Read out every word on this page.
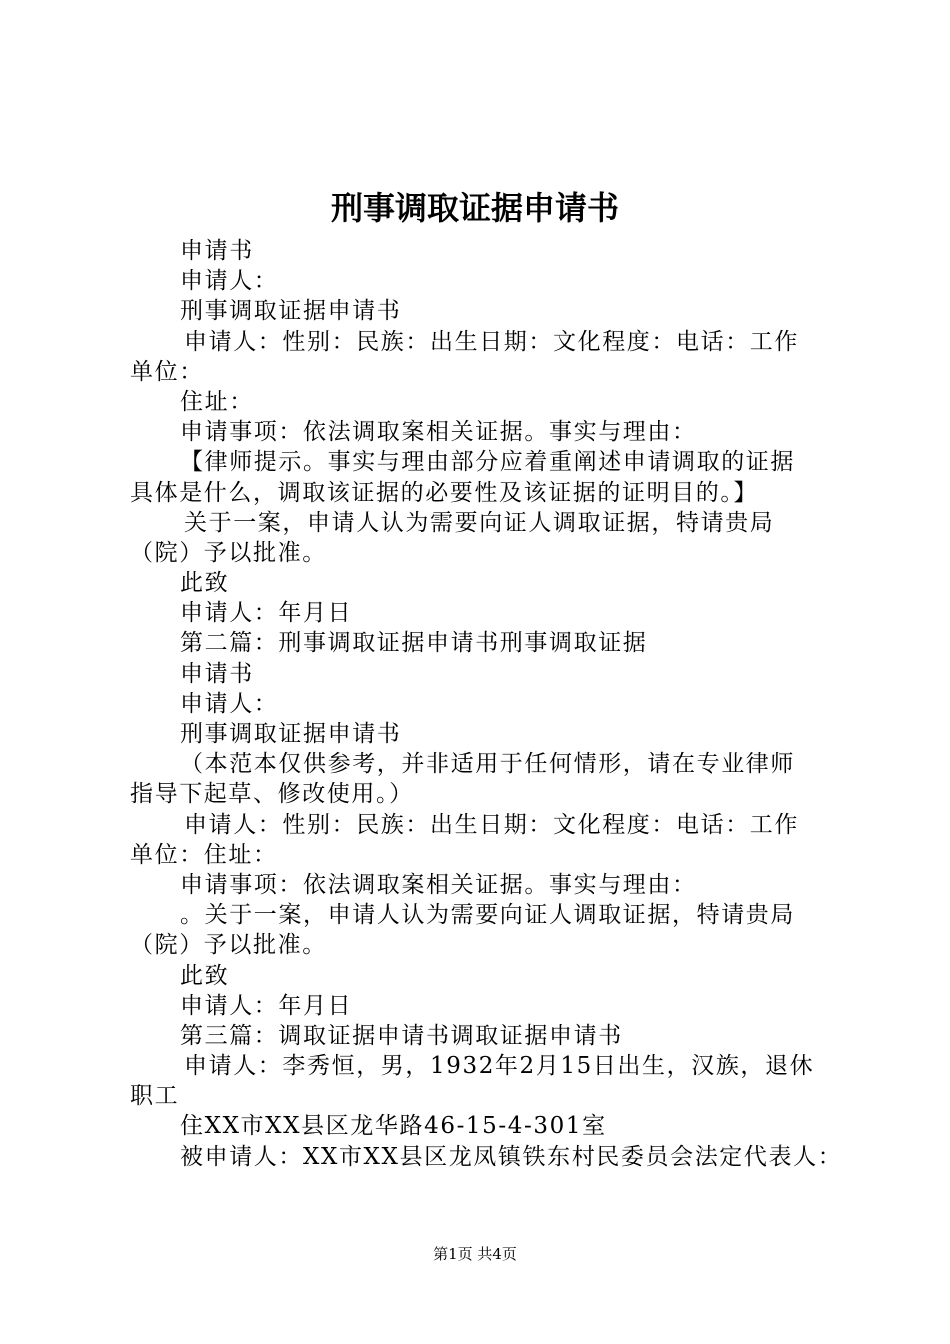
刑事调取证据申请书
申请书
申请人：
刑事调取证据申请书
申请人：性别：民族：出生日期：文化程度：电话：工作
单位：
住址：
申请事项：依法调取案相关证据。事实与理由：
【律师提示。事实与理由部分应着重阐述申请调取的证据
具体是什么，调取该证据的必要性及该证据的证明目的。】
关于一案，申请人认为需要向证人调取证据，特请贵局
（院）予以批准。
此致
申请人：年月日
第二篇：刑事调取证据申请书刑事调取证据
申请书
申请人：
刑事调取证据申请书
（本范本仅供参考，并非适用于任何情形，请在专业律师
指导下起草、修改使用。）
申请人：性别：民族：出生日期：文化程度：电话：工作
单位：住址：
申请事项：依法调取案相关证据。事实与理由：
。关于一案，申请人认为需要向证人调取证据，特请贵局
（院）予以批准。
此致
申请人：年月日
第三篇：调取证据申请书调取证据申请书
申请人：李秀恒，男，1932年2月15日出生，汉族，退休
职工
住XX市XX县区龙华路46-15-4-301室
被申请人：XX市XX县区龙凤镇铁东村民委员会法定代表人：
第1页 共4页
